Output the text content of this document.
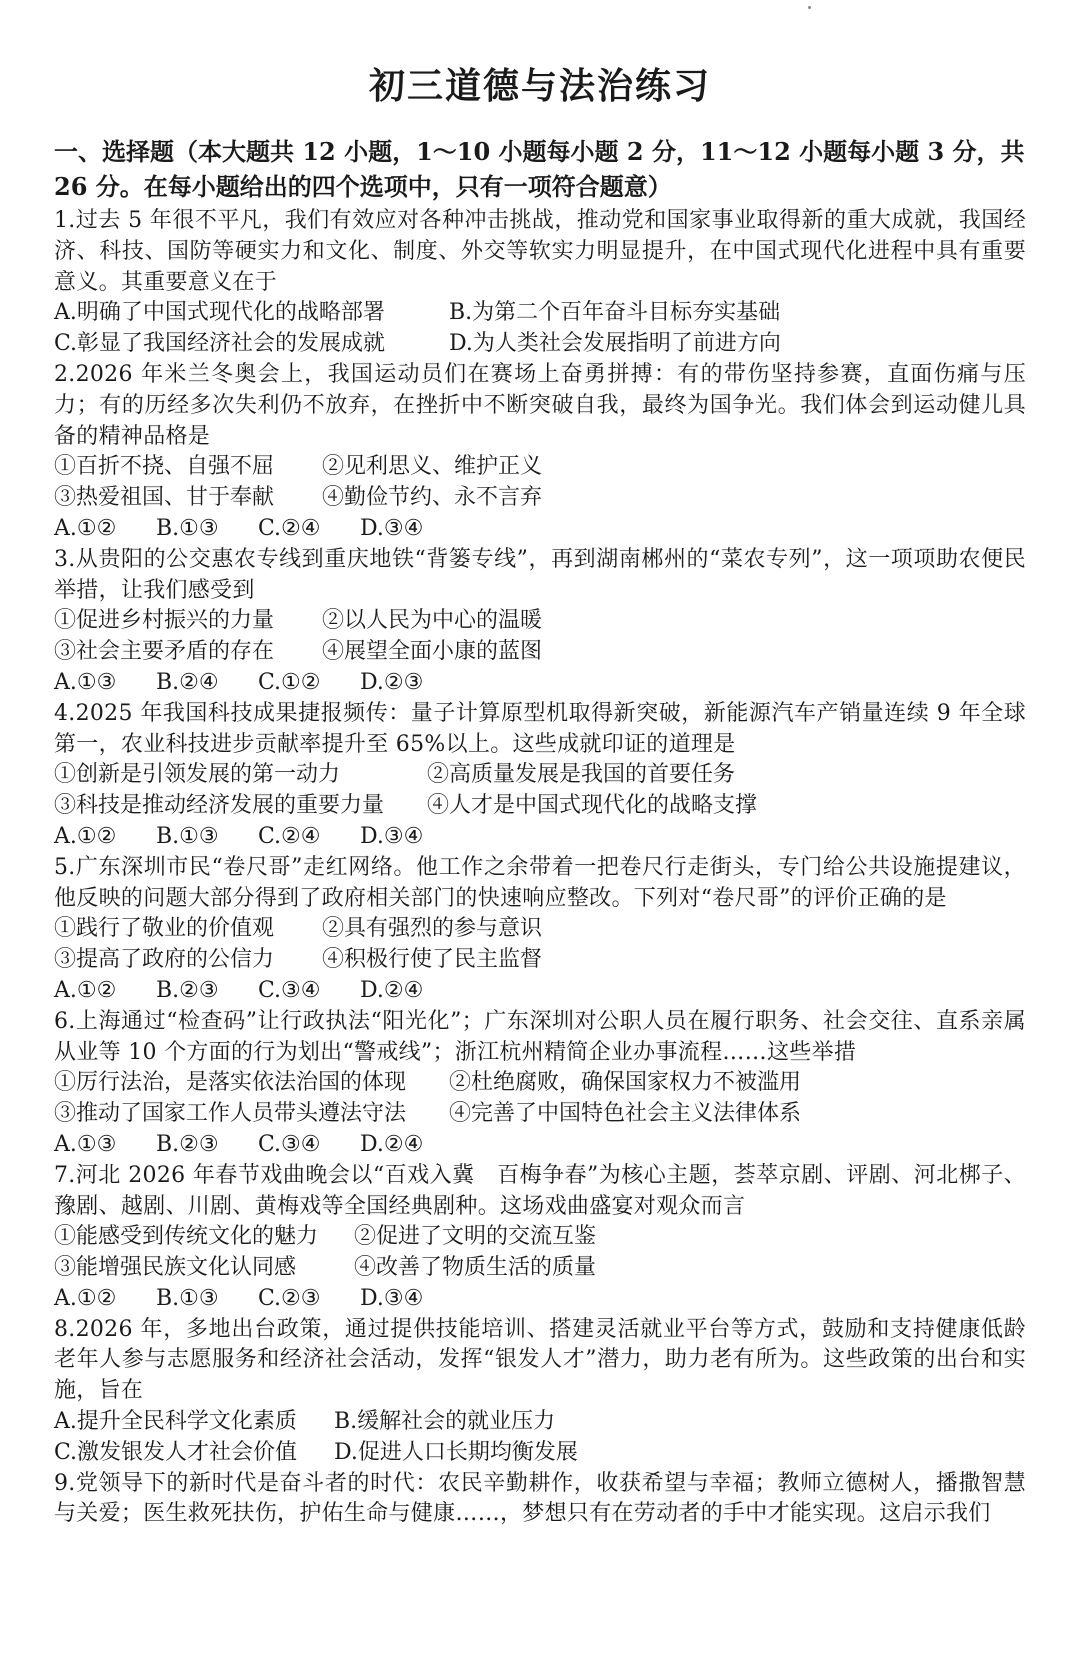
初三道德与法治练习
一、选择题（本大题共 12 小题，1～10 小题每小题 2 分，11～12 小题每小题 3 分，共 26 分。在每小题给出的四个选项中，只有一项符合题意）
1.过去 5 年很不平凡，我们有效应对各种冲击挑战，推动党和国家事业取得新的重大成就，我国经济、科技、国防等硬实力和文化、制度、外交等软实力明显提升，在中国式现代化进程中具有重要意义。其重要意义在于
A.明确了中国式现代化的战略部署	B.为第二个百年奋斗目标夯实基础
C.彰显了我国经济社会的发展成就	D.为人类社会发展指明了前进方向
2.2026 年米兰冬奥会上，我国运动员们在赛场上奋勇拼搏：有的带伤坚持参赛，直面伤痛与压力；有的历经多次失利仍不放弃，在挫折中不断突破自我，最终为国争光。我们体会到运动健儿具备的精神品格是
①百折不挠、自强不屈	②见利思义、维护正义
③热爱祖国、甘于奉献	④勤俭节约、永不言弃
A.①②	B.①③	C.②④	D.③④
3.从贵阳的公交惠农专线到重庆地铁“背篓专线”，再到湖南郴州的“菜农专列”，这一项项助农便民举措，让我们感受到
①促进乡村振兴的力量	②以人民为中心的温暖
③社会主要矛盾的存在	④展望全面小康的蓝图
A.①③	B.②④	C.①②	D.②③
4.2025 年我国科技成果捷报频传：量子计算原型机取得新突破，新能源汽车产销量连续 9 年全球第一，农业科技进步贡献率提升至 65%以上。这些成就印证的道理是
①创新是引领发展的第一动力	②高质量发展是我国的首要任务
③科技是推动经济发展的重要力量	④人才是中国式现代化的战略支撑
A.①②	B.①③	C.②④	D.③④
5.广东深圳市民“卷尺哥”走红网络。他工作之余带着一把卷尺行走街头，专门给公共设施提建议，他反映的问题大部分得到了政府相关部门的快速响应整改。下列对“卷尺哥”的评价正确的是
①践行了敬业的价值观	②具有强烈的参与意识
③提高了政府的公信力	④积极行使了民主监督
A.①②	B.②③	C.③④	D.②④
6.上海通过“检查码”让行政执法“阳光化”；广东深圳对公职人员在履行职务、社会交往、直系亲属从业等 10 个方面的行为划出“警戒线”；浙江杭州精简企业办事流程……这些举措
①厉行法治，是落实依法治国的体现	②杜绝腐败，确保国家权力不被滥用
③推动了国家工作人员带头遵法守法	④完善了中国特色社会主义法律体系
A.①③	B.②③	C.③④	D.②④
7.河北 2026 年春节戏曲晚会以“百戏入冀　百梅争春”为核心主题，荟萃京剧、评剧、河北梆子、豫剧、越剧、川剧、黄梅戏等全国经典剧种。这场戏曲盛宴对观众而言
①能感受到传统文化的魅力	②促进了文明的交流互鉴
③能增强民族文化认同感	④改善了物质生活的质量
A.①②	B.①③	C.②③	D.③④
8.2026 年，多地出台政策，通过提供技能培训、搭建灵活就业平台等方式，鼓励和支持健康低龄老年人参与志愿服务和经济社会活动，发挥“银发人才”潜力，助力老有所为。这些政策的出台和实施，旨在
A.提升全民科学文化素质	B.缓解社会的就业压力
C.激发银发人才社会价值	D.促进人口长期均衡发展
9.党领导下的新时代是奋斗者的时代：农民辛勤耕作，收获希望与幸福；教师立德树人，播撒智慧与关爱；医生救死扶伤，护佑生命与健康……，梦想只有在劳动者的手中才能实现。这启示我们
